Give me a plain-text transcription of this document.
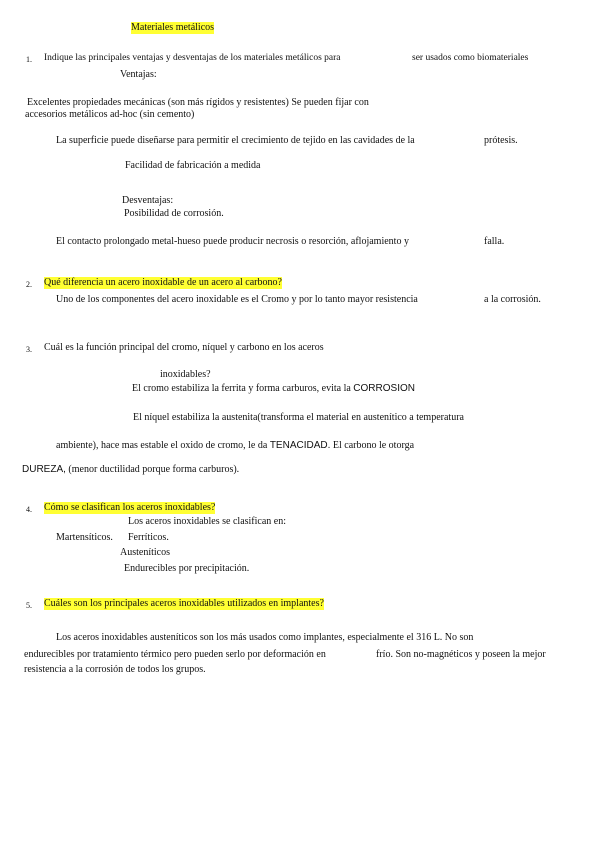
Materiales metálicos
1. Indique las principales ventajas y desventajas de los materiales metálicos para	ser usados como biomateriales
Ventajas:
Excelentes propiedades mecánicas (son más rígidos y resistentes) Se pueden fijar con
accesorios metálicos ad-hoc (sin cemento)
La superficie puede diseñarse para permitir el crecimiento de tejido en las cavidades de la	prótesis.
Facilidad de fabricación a medida
Desventajas:
Posibilidad de corrosión.
El contacto prolongado metal-hueso puede producir necrosis o resorción, aflojamiento y	falla.
2. Qué diferencia un acero inoxidable de un acero al carbono?
Uno de los componentes del acero inoxidable es el Cromo y por lo tanto mayor resistencia	a la corrosión.
3. Cuál es la función principal del cromo, níquel y carbono en los aceros
inoxidables?
El cromo estabiliza la ferrita y forma carburos, evita la CORROSION
El níquel estabiliza la austenita(transforma el material en austenítico a temperatura
ambiente), hace mas estable el oxido de cromo, le da TENACIDAD. El carbono le otorga
DUREZA, (menor ductilidad porque forma carburos).
4. Cómo se clasifican los aceros inoxidables?
Los aceros inoxidables se clasifican en:
Martensíticos. Ferríticos.
Austeníticos
Endurecibles por precipitación.
5. Cuáles son los principales aceros inoxidables utilizados en implantes?
Los aceros inoxidables austeníticos son los más usados como implantes, especialmente el 316 L. No son
endurecibles por tratamiento térmico pero pueden serlo por deformación en	frío. Son no-magnéticos y poseen la mejor
resistencia a la corrosión de todos los grupos.
